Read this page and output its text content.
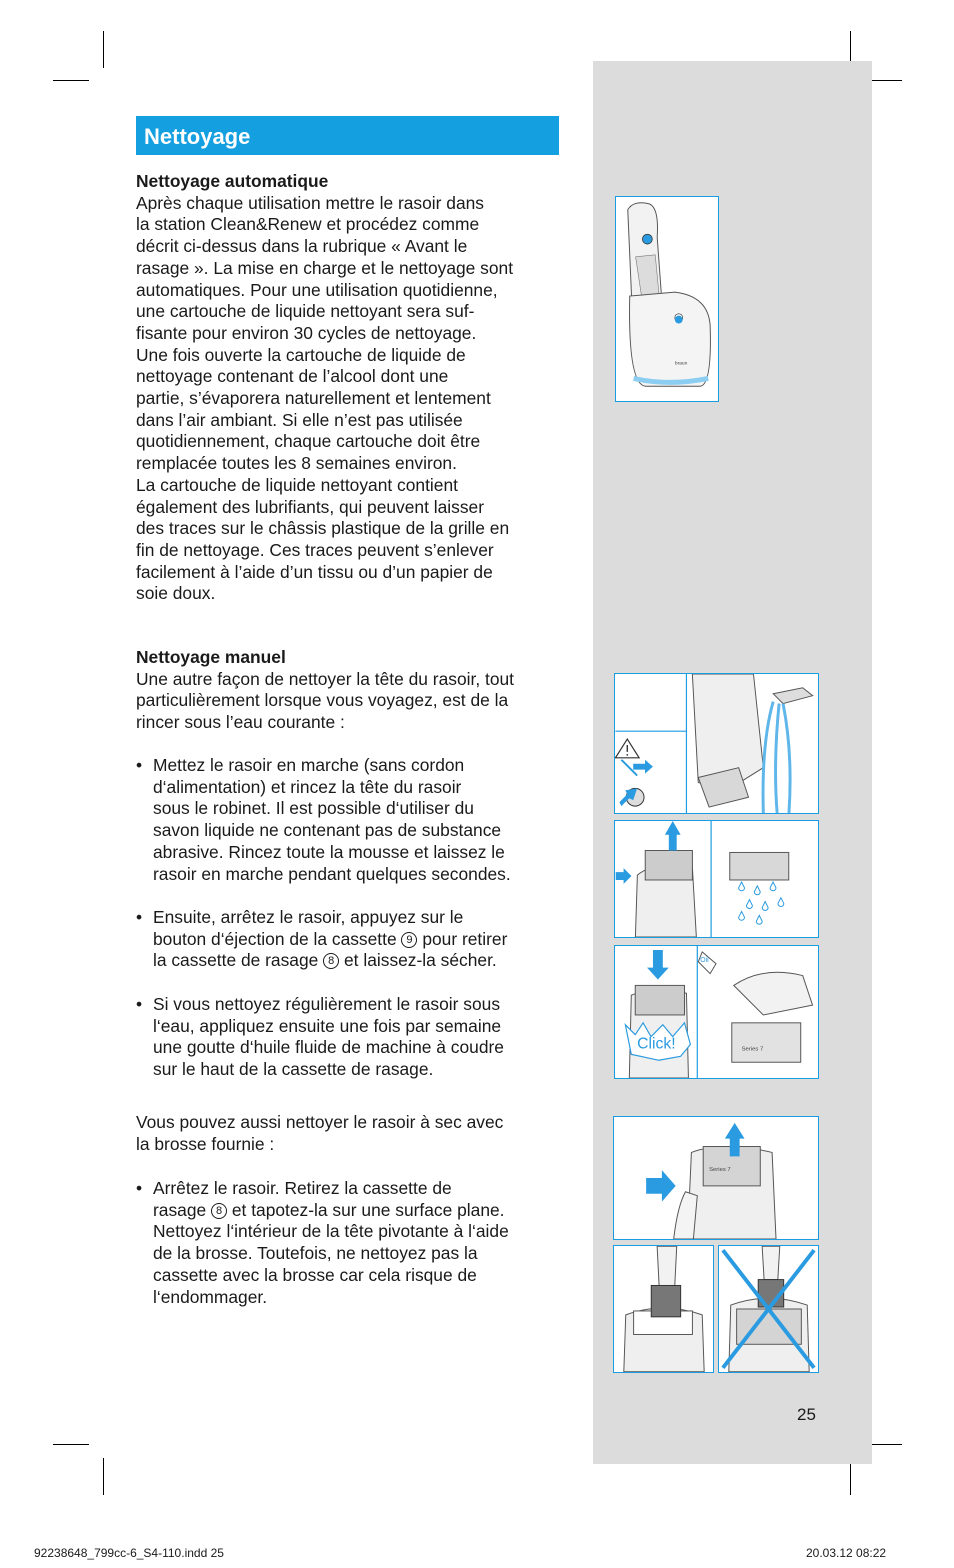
Nettoyage

Nettoyage automatique

Après chaque utilisation mettre le rasoir dans

la station Clean&Renew et procédez comme

décrit ci-dessus dans la rubrique « Avant le

rasage ». La mise en charge et le nettoyage sont

automatiques. Pour une utilisation quotidienne,

une cartouche de liquide nettoyant sera suf-

fisante pour environ 30 cycles de nettoyage.

Une fois ouverte la cartouche de liquide de

nettoyage contenant de l’alcool dont une

partie, s’évaporera naturellement et lentement

dans l’air ambiant. Si elle n’est pas utilisée

quotidiennement, chaque cartouche doit être

remplacée toutes les 8 semaines environ.

La cartouche de liquide nettoyant contient

également des lubrifiants, qui peuvent laisser

des traces sur le châssis plastique de la grille en

fin de nettoyage. Ces traces peuvent s’enlever

facilement à l’aide d’un tissu ou d’un papier de

soie doux.

Nettoyage manuel

Une autre façon de nettoyer la tête du rasoir, tout

particulièrement lorsque vous voyagez, est de la

rincer sous l’eau courante :

• Mettez le rasoir en marche (sans cordon

d‘alimentation) et rincez la tête du rasoir

sous le robinet. Il est possible d‘utiliser du

savon liquide ne contenant pas de substance

abrasive. Rincez toute la mousse et laissez le

rasoir en marche pendant quelques secondes.

• Ensuite, arrêtez le rasoir, appuyez sur le

bouton d‘éjection de la cassette 9 pour retirer

la cassette de rasage 8 et laissez-la sécher.

• Si vous nettoyez régulièrement le rasoir sous

l‘eau, appliquez ensuite une fois par semaine

une goutte d‘huile fluide de machine à coudre

sur le haut de la cassette de rasage.

Vous pouvez aussi nettoyer le rasoir à sec avec

la brosse fournie :

• Arrêtez le rasoir. Retirez la cassette de

rasage 8 et tapotez-la sur une surface plane.

Nettoyez l‘intérieur de la tête pivotante à l‘aide

de la brosse. Toutefois, ne nettoyez pas la

cassette avec la brosse car cela risque de

l‘endommager.

braun
Click!
Oil
Series 7
Series 7
25
92238648_799cc-6_S4-110.indd 25	20.03.12 08:22
